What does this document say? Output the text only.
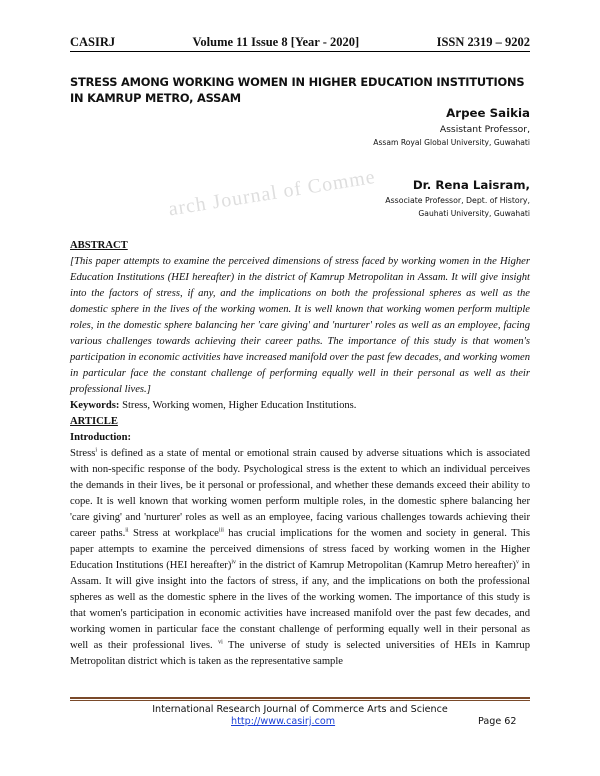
CASIRJ	Volume 11 Issue 8 [Year - 2020]	ISSN 2319 – 9202
STRESS AMONG WORKING WOMEN IN HIGHER EDUCATION INSTITUTIONS IN KAMRUP METRO, ASSAM
Arpee Saikia
Assistant Professor,
Assam Royal Global University, Guwahati
Dr. Rena Laisram,
Associate Professor, Dept. of History,
Gauhati University, Guwahati
arch Journal of Comme

ABSTRACT

[This paper attempts to examine the perceived dimensions of stress faced by working women in the Higher Education Institutions (HEI hereafter) in the district of Kamrup Metropolitan in Assam. It will give insight into the factors of stress, if any, and the implications on both the professional spheres as well as the domestic sphere in the lives of the working women. It is well known that working women perform multiple roles, in the domestic sphere balancing her 'care giving' and 'nurturer' roles as well as an employee, facing various challenges towards achieving their career paths. The importance of this study is that women's participation in economic activities have increased manifold over the past few decades, and working women in particular face the constant challenge of performing equally well in their personal as well as their professional lives.]

Keywords: Stress, Working women, Higher Education Institutions.

ARTICLE

Introduction:

Stress$^i$ is defined as a state of mental or emotional strain caused by adverse situations which is associated with non-specific response of the body. Psychological stress is the extent to which an individual perceives the demands in their lives, be it personal or professional, and whether these demands exceed their ability to cope. It is well known that working women perform multiple roles, in the domestic sphere balancing her 'care giving' and 'nurturer' roles as well as an employee, facing various challenges towards achieving their career paths.$^{ii}$ Stress at workplace$^{iii}$ has crucial implications for the women and society in general. This paper attempts to examine the perceived dimensions of stress faced by working women in the Higher Education Institutions (HEI hereafter)$^{iv}$ in the district of Kamrup Metropolitan (Kamrup Metro hereafter)$^v$ in Assam. It will give insight into the factors of stress, if any, and the implications on both the professional spheres as well as the domestic sphere in the lives of the working women. The importance of this study is that women's participation in economic activities have increased manifold over the past few decades, and working women in particular face the constant challenge of performing equally well in their personal as well as their professional lives. $^{vi}$ The universe of study is selected universities of HEIs in Kamrup Metropolitan district which is taken as the representative sample

International Research Journal of Commerce Arts and Science
http://www.casirj.com	Page 62
